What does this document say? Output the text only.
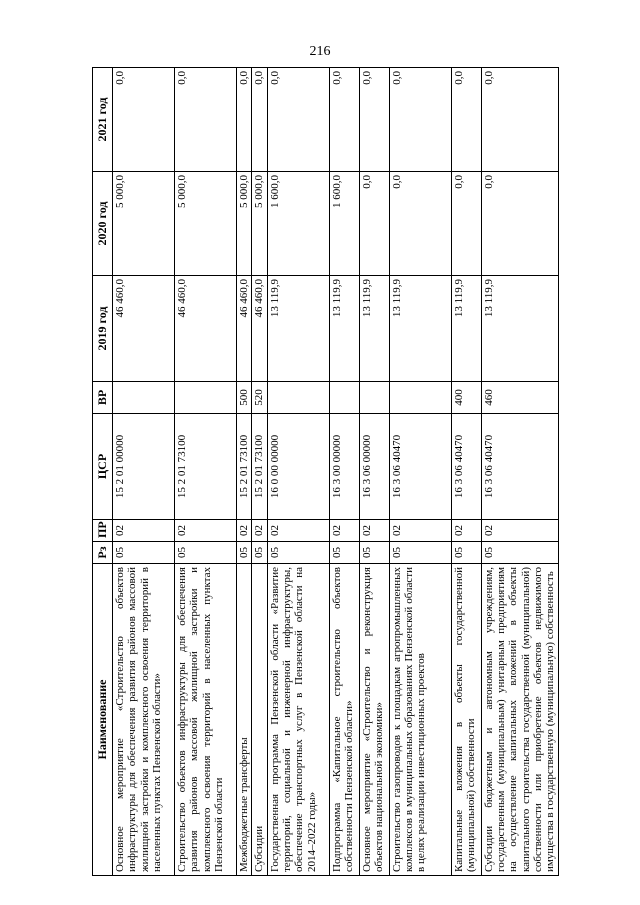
216
Наименование	Рз	ПР	ЦСР	ВР	2019 год	2020 год	2021 год
Основное мероприятие «Строительство объектов инфраструктуры для обеспечения развития районов массовой жилищной застройки и комплексного освоения территорий в населенных пунктах Пензенской области»	05	02	15 2 01 00000		46 460,0	5 000,0	0,0
Строительство объектов инфраструктуры для обеспечения развития районов массовой жилищной застройки и комплексного освоения территорий в населенных пунктах Пензенской области	05	02	15 2 01 73100		46 460,0	5 000,0	0,0
Межбюджетные трансферты	05	02	15 2 01 73100	500	46 460,0	5 000,0	0,0
Субсидии	05	02	15 2 01 73100	520	46 460,0	5 000,0	0,0
Государственная программа Пензенской области «Развитие территорий, социальной и инженерной инфраструктуры, обеспечение транспортных услуг в Пензенской области на 2014–2022 годы»	05	02	16 0 00 00000		13 119,9	1 600,0	0,0
Подпрограмма «Капитальное строительство объектов собственности Пензенской области»	05	02	16 3 00 00000		13 119,9	1 600,0	0,0
Основное мероприятие «Строительство и реконструкция объектов национальной экономики»	05	02	16 3 06 00000		13 119,9	0,0	0,0
Строительство газопроводов к площадкам агропромышленных комплексов в муниципальных образованиях Пензенской области в целях реализации инвестиционных проектов	05	02	16 3 06 40470		13 119,9	0,0	0,0
Капитальные вложения в объекты государственной (муниципальной) собственности	05	02	16 3 06 40470	400	13 119,9	0,0	0,0
Субсидии бюджетным и автономным учреждениям, государственным (муниципальным) унитарным предприятиям на осуществление капитальных вложений в объекты капитального строительства государственной (муниципальной) собственности или приобретение объектов недвижимого имущества в государственную (муниципальную) собственность	05	02	16 3 06 40470	460	13 119,9	0,0	0,0
